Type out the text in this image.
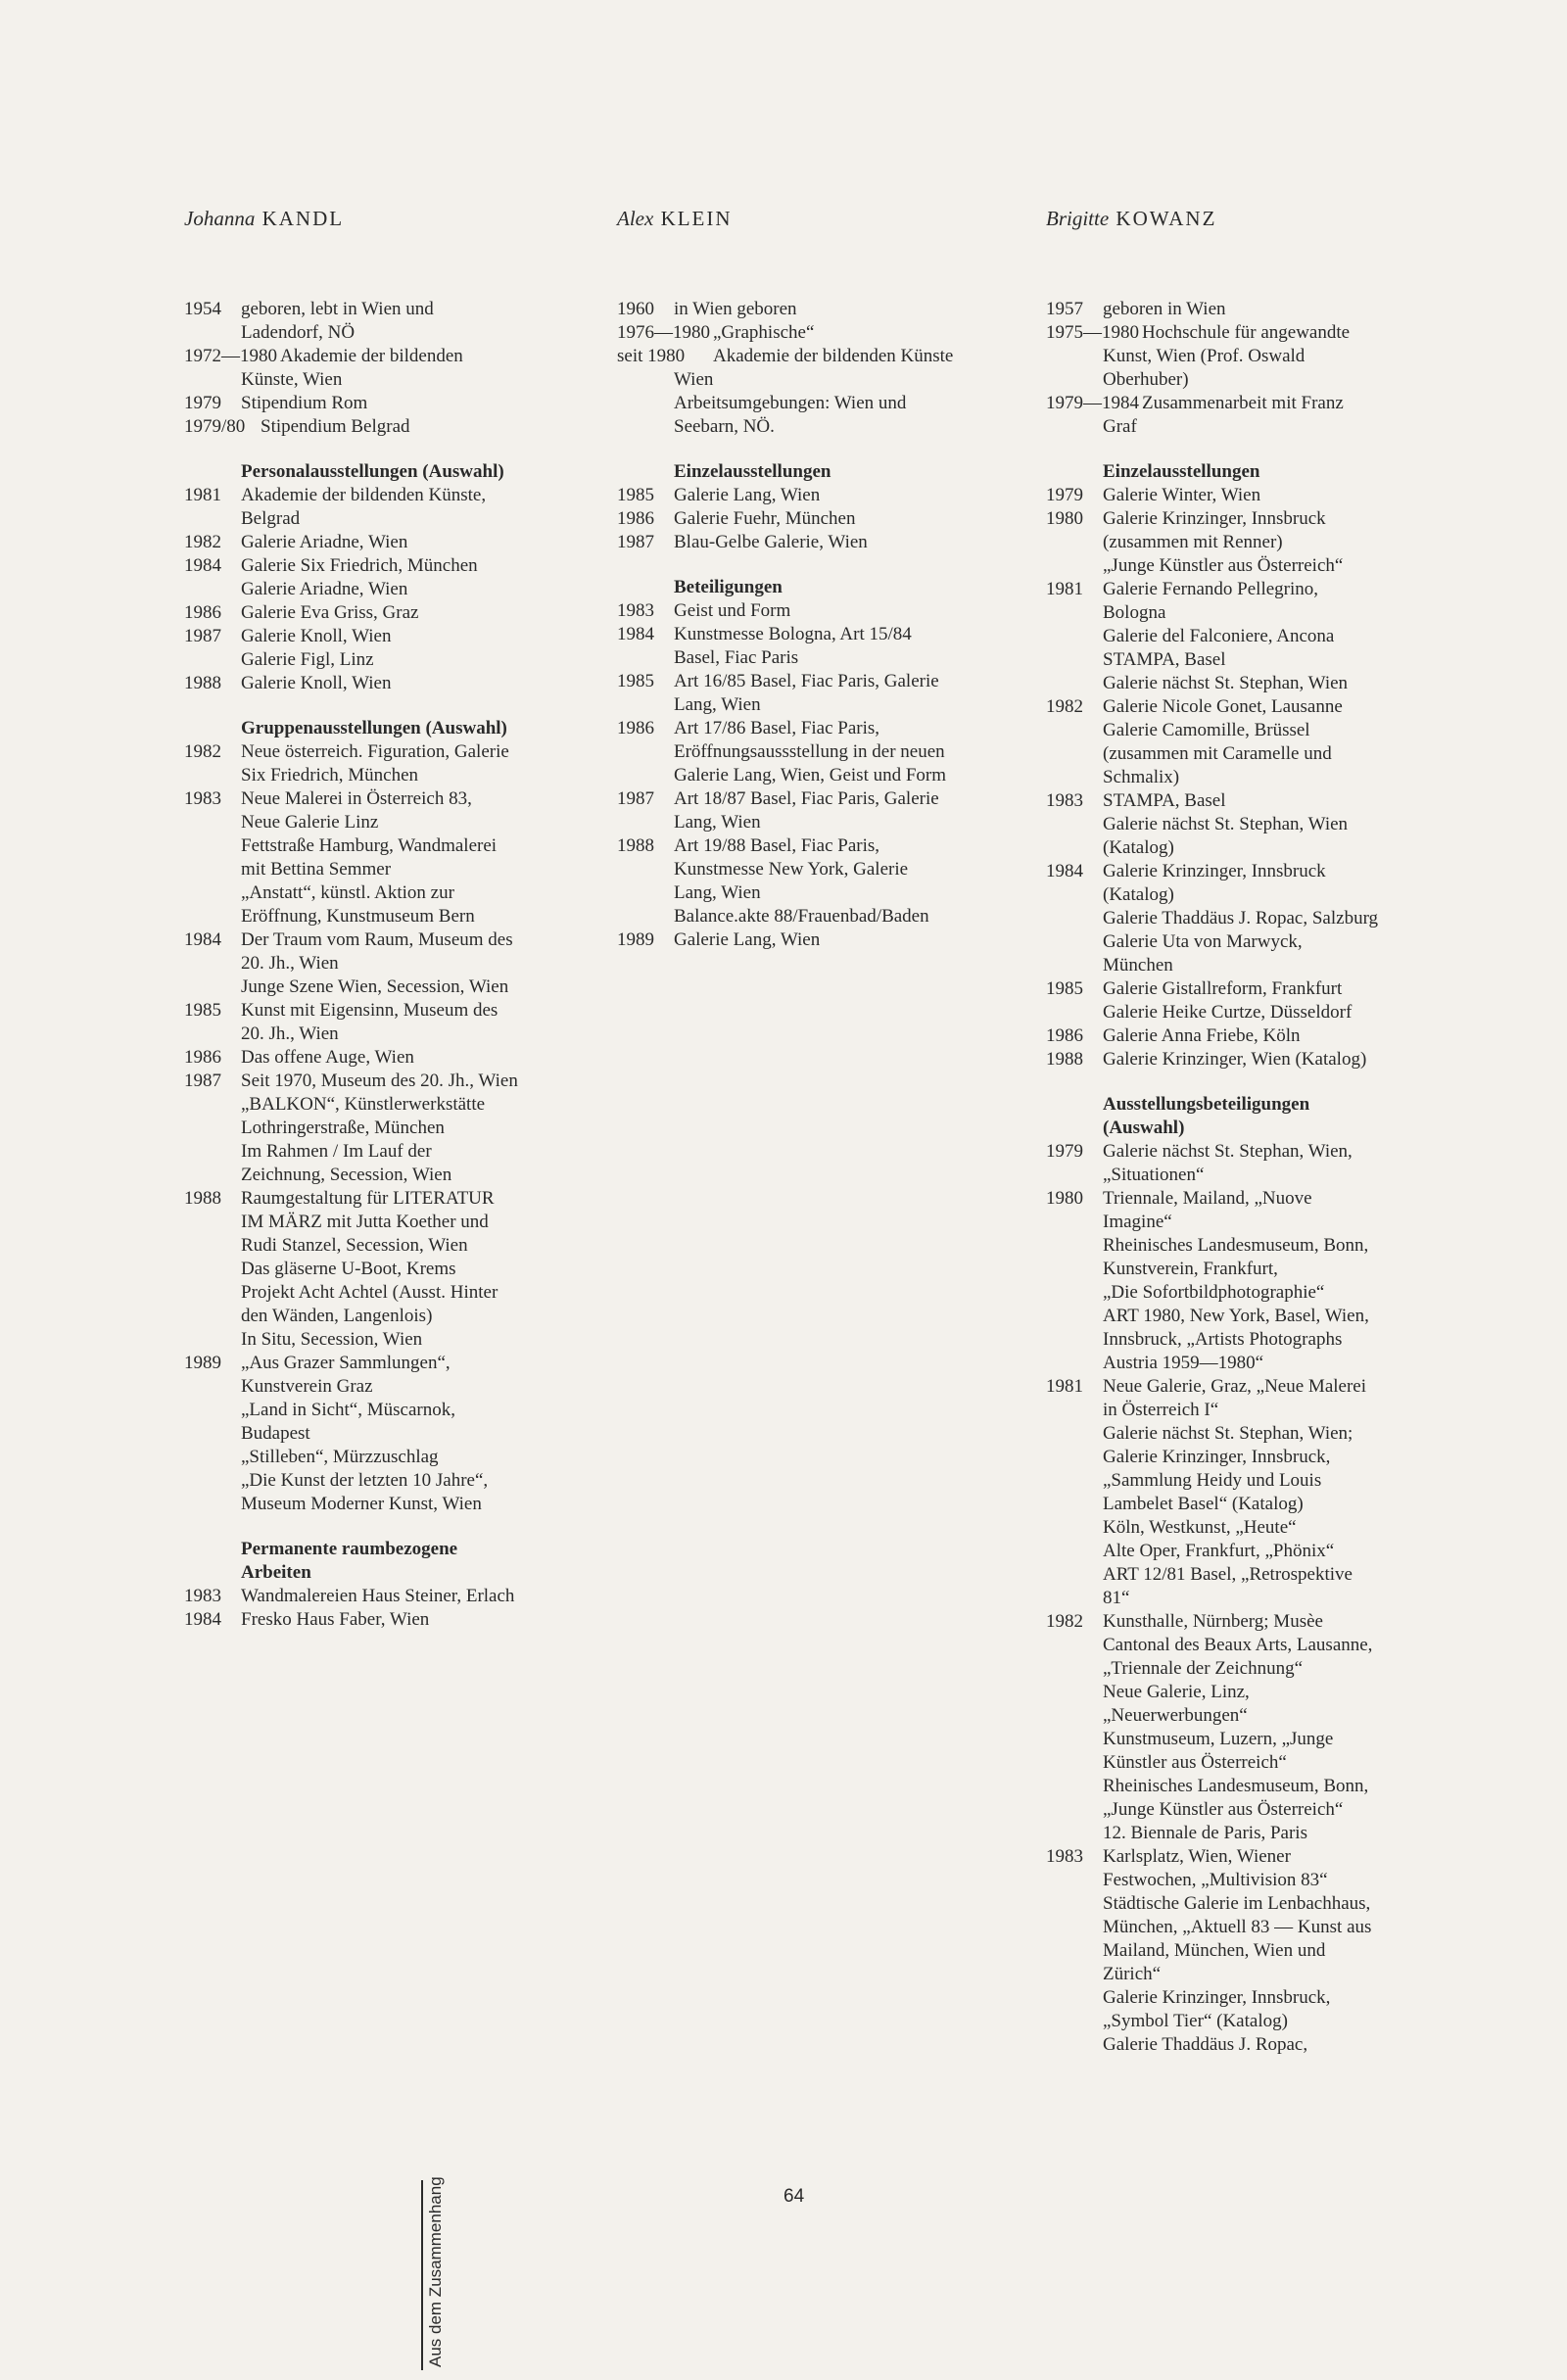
Johanna KANDL
1954 geboren, lebt in Wien und
Ladendorf, NÖ
1972—1980 Akademie der bildenden
Künste, Wien
1979 Stipendium Rom
1979/80 Stipendium Belgrad
Personalausstellungen (Auswahl)
1981 Akademie der bildenden Künste,
Belgrad
1982 Galerie Ariadne, Wien
1984 Galerie Six Friedrich, München
Galerie Ariadne, Wien
1986 Galerie Eva Griss, Graz
1987 Galerie Knoll, Wien
Galerie Figl, Linz
1988 Galerie Knoll, Wien
Gruppenausstellungen (Auswahl)
1982 Neue österreich. Figuration, Galerie
Six Friedrich, München
1983 Neue Malerei in Österreich 83,
Neue Galerie Linz
Fettstraße Hamburg, Wandmalerei
mit Bettina Semmer
„Anstatt“, künstl. Aktion zur
Eröffnung, Kunstmuseum Bern
1984 Der Traum vom Raum, Museum des
20. Jh., Wien
Junge Szene Wien, Secession, Wien
1985 Kunst mit Eigensinn, Museum des
20. Jh., Wien
1986 Das offene Auge, Wien
1987 Seit 1970, Museum des 20. Jh., Wien
„BALKON“, Künstlerwerkstätte
Lothringerstraße, München
Im Rahmen / Im Lauf der
Zeichnung, Secession, Wien
1988 Raumgestaltung für LITERATUR
IM MÄRZ mit Jutta Koether und
Rudi Stanzel, Secession, Wien
Das gläserne U-Boot, Krems
Projekt Acht Achtel (Ausst. Hinter
den Wänden, Langenlois)
In Situ, Secession, Wien
1989 „Aus Grazer Sammlungen“,
Kunstverein Graz
„Land in Sicht“, Müscarnok,
Budapest
„Stilleben“, Mürzzuschlag
„Die Kunst der letzten 10 Jahre“,
Museum Moderner Kunst, Wien
Permanente raumbezogene
Arbeiten
1983 Wandmalereien Haus Steiner, Erlach
1984 Fresko Haus Faber, Wien
Alex KLEIN
1960 in Wien geboren
1976—1980 „Graphische“
seit 1980 Akademie der bildenden Künste
Wien
Arbeitsumgebungen: Wien und
Seebarn, NÖ.
Einzelausstellungen
1985 Galerie Lang, Wien
1986 Galerie Fuehr, München
1987 Blau-Gelbe Galerie, Wien
Beteiligungen
1983 Geist und Form
1984 Kunstmesse Bologna, Art 15/84
Basel, Fiac Paris
1985 Art 16/85 Basel, Fiac Paris, Galerie
Lang, Wien
1986 Art 17/86 Basel, Fiac Paris,
Eröffnungsaussstellung in der neuen
Galerie Lang, Wien, Geist und Form
1987 Art 18/87 Basel, Fiac Paris, Galerie
Lang, Wien
1988 Art 19/88 Basel, Fiac Paris,
Kunstmesse New York, Galerie
Lang, Wien
Balance.akte 88/Frauenbad/Baden
1989 Galerie Lang, Wien
Brigitte KOWANZ
1957 geboren in Wien
1975—1980 Hochschule für angewandte
Kunst, Wien (Prof. Oswald
Oberhuber)
1979—1984 Zusammenarbeit mit Franz
Graf
Einzelausstellungen
1979 Galerie Winter, Wien
1980 Galerie Krinzinger, Innsbruck
(zusammen mit Renner)
„Junge Künstler aus Österreich“
1981 Galerie Fernando Pellegrino,
Bologna
Galerie del Falconiere, Ancona
STAMPA, Basel
Galerie nächst St. Stephan, Wien
1982 Galerie Nicole Gonet, Lausanne
Galerie Camomille, Brüssel
(zusammen mit Caramelle und
Schmalix)
1983 STAMPA, Basel
Galerie nächst St. Stephan, Wien
(Katalog)
1984 Galerie Krinzinger, Innsbruck
(Katalog)
Galerie Thaddäus J. Ropac, Salzburg
Galerie Uta von Marwyck,
München
1985 Galerie Gistallreform, Frankfurt
Galerie Heike Curtze, Düsseldorf
1986 Galerie Anna Friebe, Köln
1988 Galerie Krinzinger, Wien (Katalog)
Ausstellungsbeteiligungen
(Auswahl)
1979 Galerie nächst St. Stephan, Wien,
„Situationen“
1980 Triennale, Mailand, „Nuove
Imagine“
Rheinisches Landesmuseum, Bonn,
Kunstverein, Frankfurt,
„Die Sofortbildphotographie“
ART 1980, New York, Basel, Wien,
Innsbruck, „Artists Photographs
Austria 1959—1980“
1981 Neue Galerie, Graz, „Neue Malerei
in Österreich I“
Galerie nächst St. Stephan, Wien;
Galerie Krinzinger, Innsbruck,
„Sammlung Heidy und Louis
Lambelet Basel“ (Katalog)
Köln, Westkunst, „Heute“
Alte Oper, Frankfurt, „Phönix“
ART 12/81 Basel, „Retrospektive
81“
1982 Kunsthalle, Nürnberg; Musèe
Cantonal des Beaux Arts, Lausanne,
„Triennale der Zeichnung“
Neue Galerie, Linz,
„Neuerwerbungen“
Kunstmuseum, Luzern, „Junge
Künstler aus Österreich“
Rheinisches Landesmuseum, Bonn,
„Junge Künstler aus Österreich“
12. Biennale de Paris, Paris
1983 Karlsplatz, Wien, Wiener
Festwochen, „Multivision 83“
Städtische Galerie im Lenbachhaus,
München, „Aktuell 83 — Kunst aus
Mailand, München, Wien und
Zürich“
Galerie Krinzinger, Innsbruck,
„Symbol Tier“ (Katalog)
Galerie Thaddäus J. Ropac,
64
Aus dem Zusammenhang
